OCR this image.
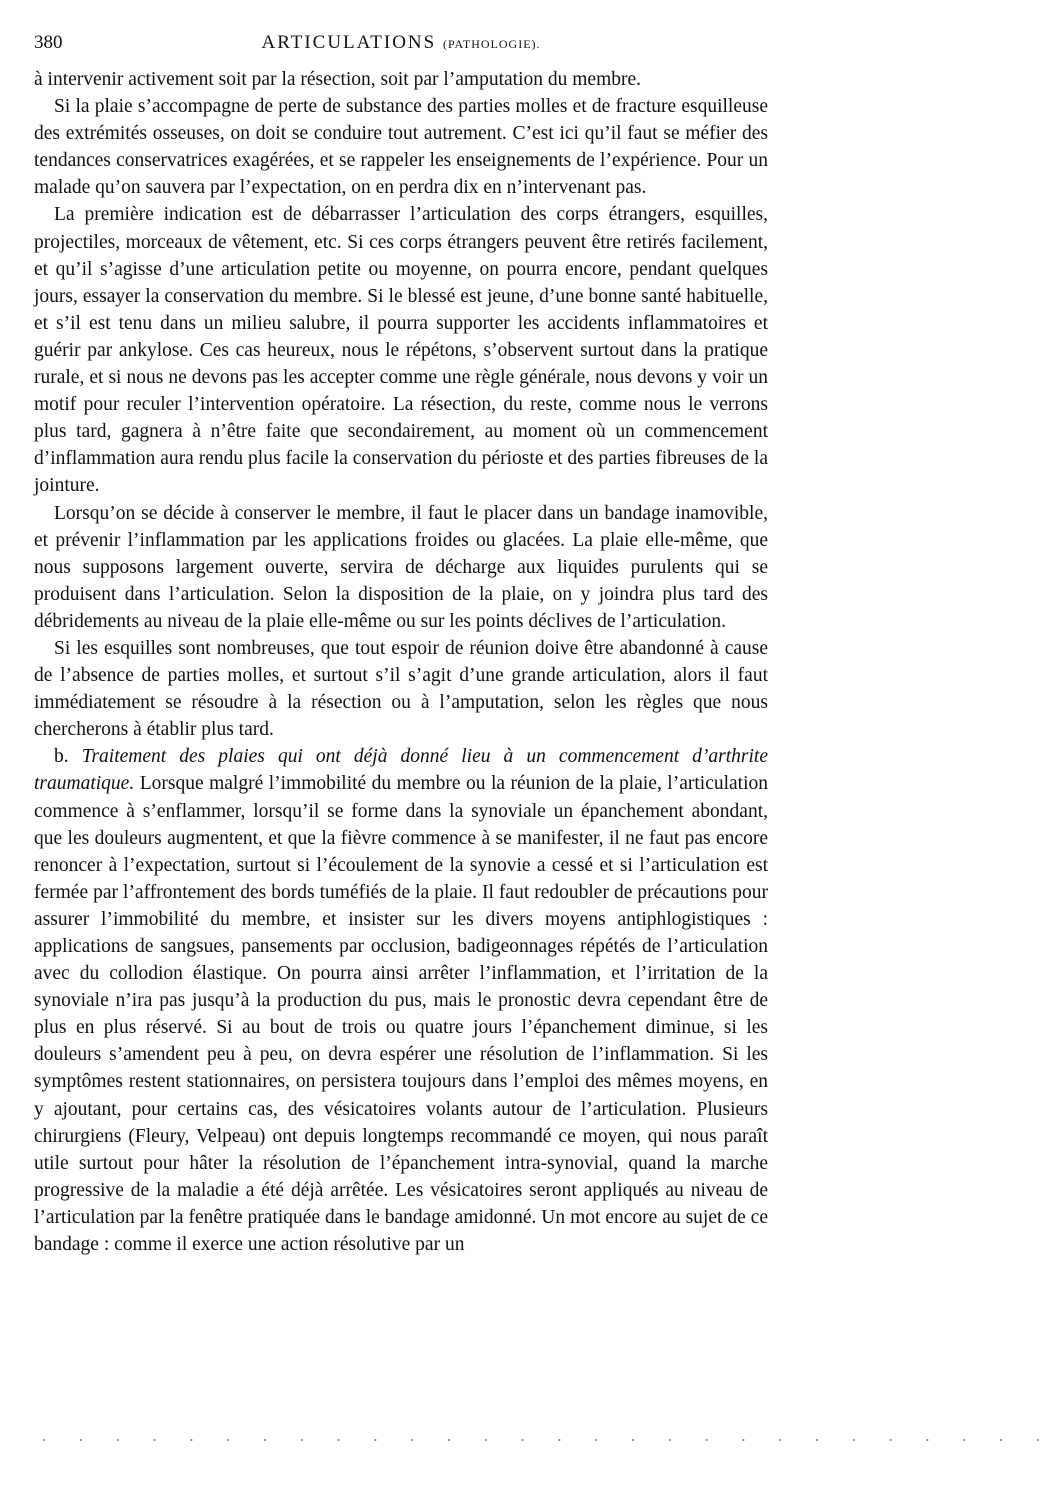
380	ARTICULATIONS (PATHOLOGIE).

à intervenir activement soit par la résection, soit par l’amputation du membre.

Si la plaie s’accompagne de perte de substance des parties molles et de fracture esquilleuse des extrémités osseuses, on doit se conduire tout autrement. C’est ici qu’il faut se méfier des tendances conservatrices exagérées, et se rappeler les enseignements de l’expérience. Pour un malade qu’on sauvera par l’expectation, on en perdra dix en n’intervenant pas.

La première indication est de débarrasser l’articulation des corps étrangers, esquilles, projectiles, morceaux de vêtement, etc. Si ces corps étrangers peuvent être retirés facilement, et qu’il s’agisse d’une articulation petite ou moyenne, on pourra encore, pendant quelques jours, essayer la conservation du membre. Si le blessé est jeune, d’une bonne santé habituelle, et s’il est tenu dans un milieu salubre, il pourra supporter les accidents inflammatoires et guérir par ankylose. Ces cas heureux, nous le répétons, s’observent surtout dans la pratique rurale, et si nous ne devons pas les accepter comme une règle générale, nous devons y voir un motif pour reculer l’intervention opératoire. La résection, du reste, comme nous le verrons plus tard, gagnera à n’être faite que secondairement, au moment où un commencement d’inflammation aura rendu plus facile la conservation du périoste et des parties fibreuses de la jointure.

Lorsqu’on se décide à conserver le membre, il faut le placer dans un bandage inamovible, et prévenir l’inflammation par les applications froides ou glacées. La plaie elle-même, que nous supposons largement ouverte, servira de décharge aux liquides purulents qui se produisent dans l’articulation. Selon la disposition de la plaie, on y joindra plus tard des débridements au niveau de la plaie elle-même ou sur les points déclives de l’articulation.

Si les esquilles sont nombreuses, que tout espoir de réunion doive être abandonné à cause de l’absence de parties molles, et surtout s’il s’agit d’une grande articulation, alors il faut immédiatement se résoudre à la résection ou à l’amputation, selon les règles que nous chercherons à établir plus tard.

b. Traitement des plaies qui ont déjà donné lieu à un commencement d’arthrite traumatique. Lorsque malgré l’immobilité du membre ou la réunion de la plaie, l’articulation commence à s’enflammer, lorsqu’il se forme dans la synoviale un épanchement abondant, que les douleurs augmentent, et que la fièvre commence à se manifester, il ne faut pas encore renoncer à l’expectation, surtout si l’écoulement de la synovie a cessé et si l’articulation est fermée par l’affrontement des bords tuméfiés de la plaie. Il faut redoubler de précautions pour assurer l’immobilité du membre, et insister sur les divers moyens antiphlogistiques : applications de sangsues, pansements par occlusion, badigeonnages répétés de l’articulation avec du collodion élastique. On pourra ainsi arrêter l’inflammation, et l’irritation de la synoviale n’ira pas jusqu’à la production du pus, mais le pronostic devra cependant être de plus en plus réservé. Si au bout de trois ou quatre jours l’épanchement diminue, si les douleurs s’amendent peu à peu, on devra espérer une résolution de l’inflammation. Si les symptômes restent stationnaires, on persistera toujours dans l’emploi des mêmes moyens, en y ajoutant, pour certains cas, des vésicatoires volants autour de l’articulation. Plusieurs chirurgiens (Fleury, Velpeau) ont depuis longtemps recommandé ce moyen, qui nous paraît utile surtout pour hâter la résolution de l’épanchement intra-synovial, quand la marche progressive de la maladie a été déjà arrêtée. Les vésicatoires seront appliqués au niveau de l’articulation par la fenêtre pratiquée dans le bandage amidonné. Un mot encore au sujet de ce bandage : comme il exerce une action résolutive par un

. . . . . . . . . . . . . . . . . . . . . . . . . . . .
